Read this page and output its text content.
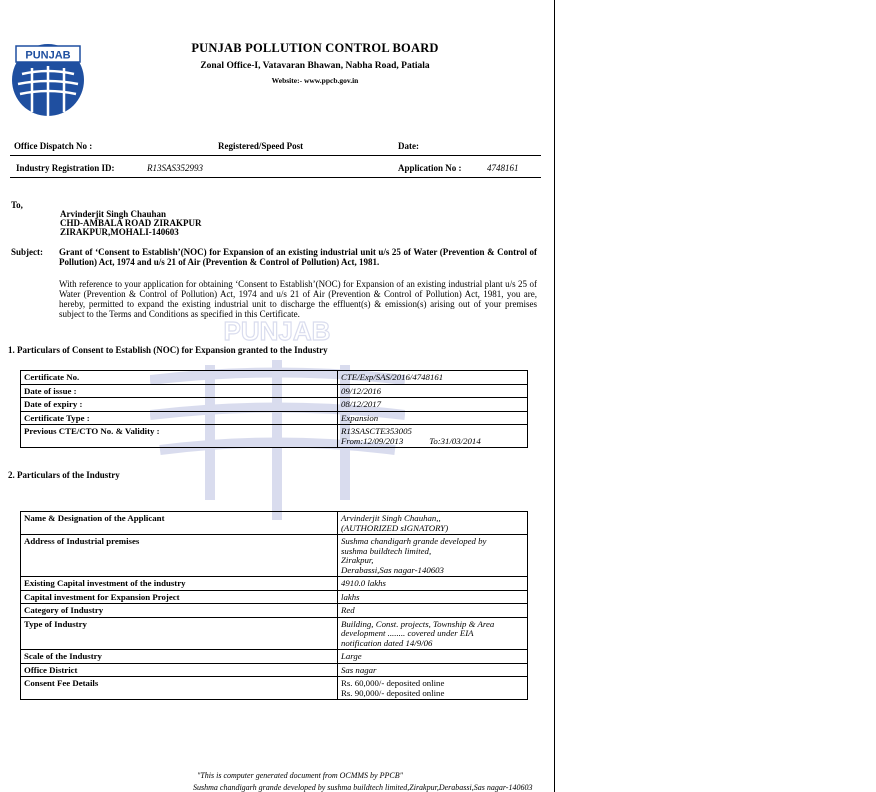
PUNJAB
PUNJAB POLLUTION CONTROL BOARD
Zonal Office-I, Vatavaran Bhawan, Nabha Road, Patiala
Website:- www.ppcb.gov.in
Office Dispatch No :	Registered/Speed Post	Date:
Industry Registration ID:	R13SAS352993	Application No :	4748161
To,
Arvinderjit Singh Chauhan
CHD-AMBALA ROAD ZIRAKPUR
ZIRAKPUR,MOHALI-140603
Subject: Grant of ‘Consent to Establish’(NOC) for Expansion of an existing industrial unit u/s 25 of Water (Prevention & Control of Pollution) Act, 1974 and u/s 21 of Air (Prevention & Control of Pollution) Act, 1981.
PUNJAB
With reference to your application for obtaining ‘Consent to Establish’(NOC) for Expansion of an existing industrial plant u/s 25 of Water (Prevention & Control of Pollution) Act, 1974 and u/s 21 of Air (Prevention & Control of Pollution) Act, 1981, you are, hereby, permitted to expand the existing industrial unit to discharge the effluent(s) & emission(s) arising out of your premises subject to the Terms and Conditions as specified in this Certificate.
1. Particulars of Consent to Establish (NOC) for Expansion granted to the Industry
Certificate No.	CTE/Exp/SAS/2016/4748161
Date of issue :	09/12/2016
Date of expiry :	08/12/2017
Certificate Type :	Expansion
Previous CTE/CTO No. & Validity :	R13SASCTE353005
From:12/09/2013 To:31/03/2014
2. Particulars of the Industry
Name & Designation of the Applicant	Arvinderjit Singh Chauhan,,
(AUTHORIZED sIGNATORY)

Address of Industrial premises	Sushma chandigarh grande developed by
sushma buildtech limited,
Zirakpur,
Derabassi,Sas nagar-140603

Existing Capital investment of the industry	4910.0 lakhs

Capital investment for Expansion Project	lakhs

Category of Industry	Red

Type of Industry	Building, Const. projects, Township & Area
development ........ covered under EIA
notification dated 14/9/06

Scale of the Industry	Large

Office District	Sas nagar

Consent Fee Details	Rs. 60,000/- deposited online
Rs. 90,000/- deposited online
"This is computer generated document from OCMMS by PPCB"
Sushma chandigarh grande developed by sushma buildtech limited,Zirakpur,Derabassi,Sas nagar-140603
